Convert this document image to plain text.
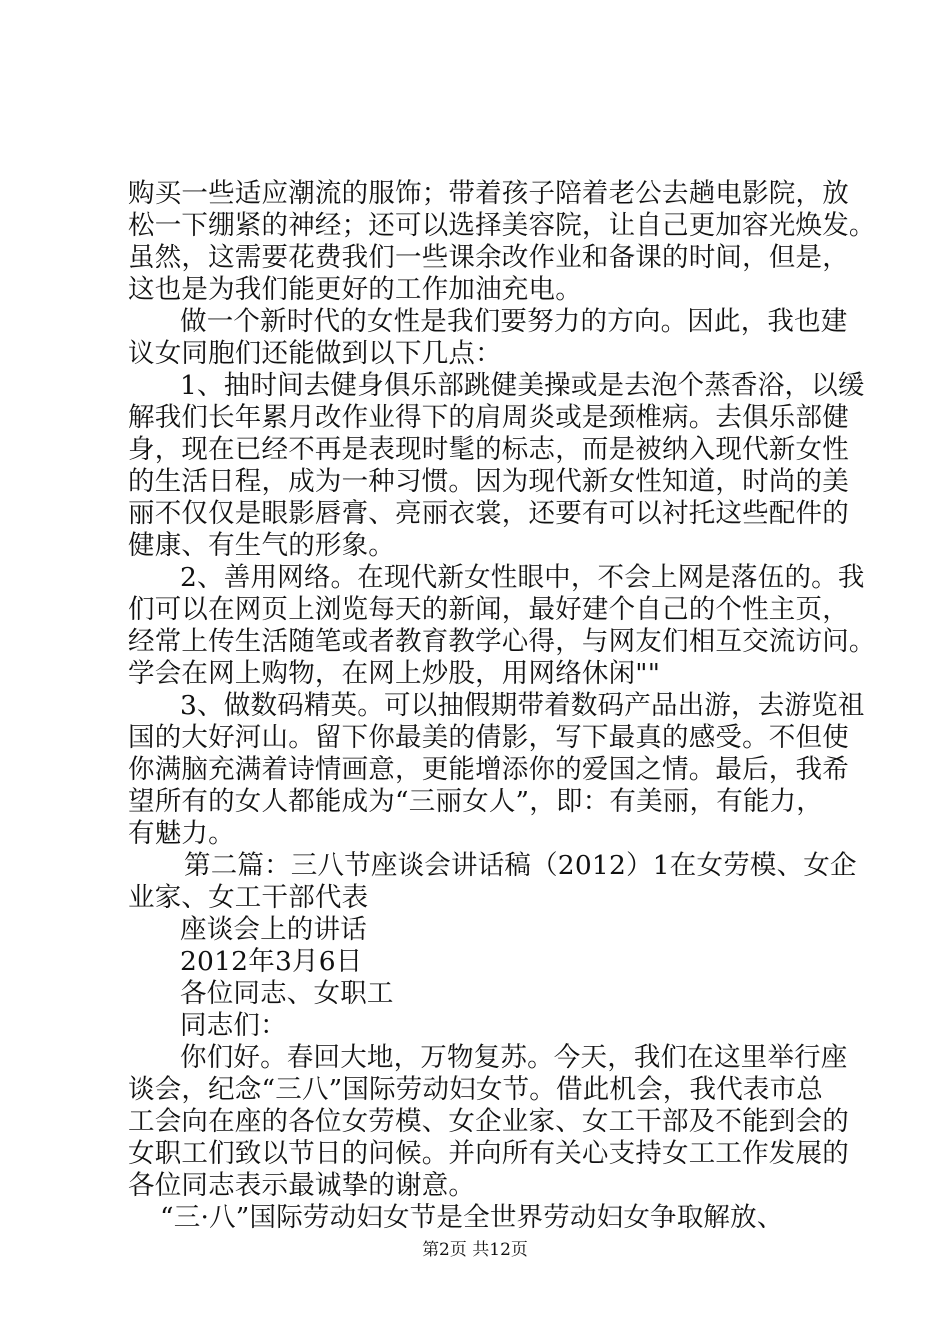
购买一些适应潮流的服饰；带着孩子陪着老公去趟电影院，放
松一下绷紧的神经；还可以选择美容院，让自己更加容光焕发。
虽然，这需要花费我们一些课余改作业和备课的时间，但是，
这也是为我们能更好的工作加油充电。
做一个新时代的女性是我们要努力的方向。因此，我也建
议女同胞们还能做到以下几点：
1、抽时间去健身俱乐部跳健美操或是去泡个蒸香浴，以缓
解我们长年累月改作业得下的肩周炎或是颈椎病。去俱乐部健
身，现在已经不再是表现时髦的标志，而是被纳入现代新女性
的生活日程，成为一种习惯。因为现代新女性知道，时尚的美
丽不仅仅是眼影唇膏、亮丽衣裳，还要有可以衬托这些配件的
健康、有生气的形象。
2、善用网络。在现代新女性眼中，不会上网是落伍的。我
们可以在网页上浏览每天的新闻，最好建个自己的个性主页，
经常上传生活随笔或者教育教学心得，与网友们相互交流访问。
学会在网上购物，在网上炒股，用网络休闲""
3、做数码精英。可以抽假期带着数码产品出游，去游览祖
国的大好河山。留下你最美的倩影，写下最真的感受。不但使
你满脑充满着诗情画意，更能增添你的爱国之情。最后，我希
望所有的女人都能成为“三丽女人”，即：有美丽，有能力，
有魅力。
第二篇：三八节座谈会讲话稿（2012）1在女劳模、女企
业家、女工干部代表
座谈会上的讲话
2012年3月6日
各位同志、女职工
同志们：
你们好。春回大地，万物复苏。今天，我们在这里举行座
谈会，纪念“三八”国际劳动妇女节。借此机会，我代表市总
工会向在座的各位女劳模、女企业家、女工干部及不能到会的
女职工们致以节日的问候。并向所有关心支持女工工作发展的
各位同志表示最诚挚的谢意。
“三·八”国际劳动妇女节是全世界劳动妇女争取解放、
第2页 共12页
